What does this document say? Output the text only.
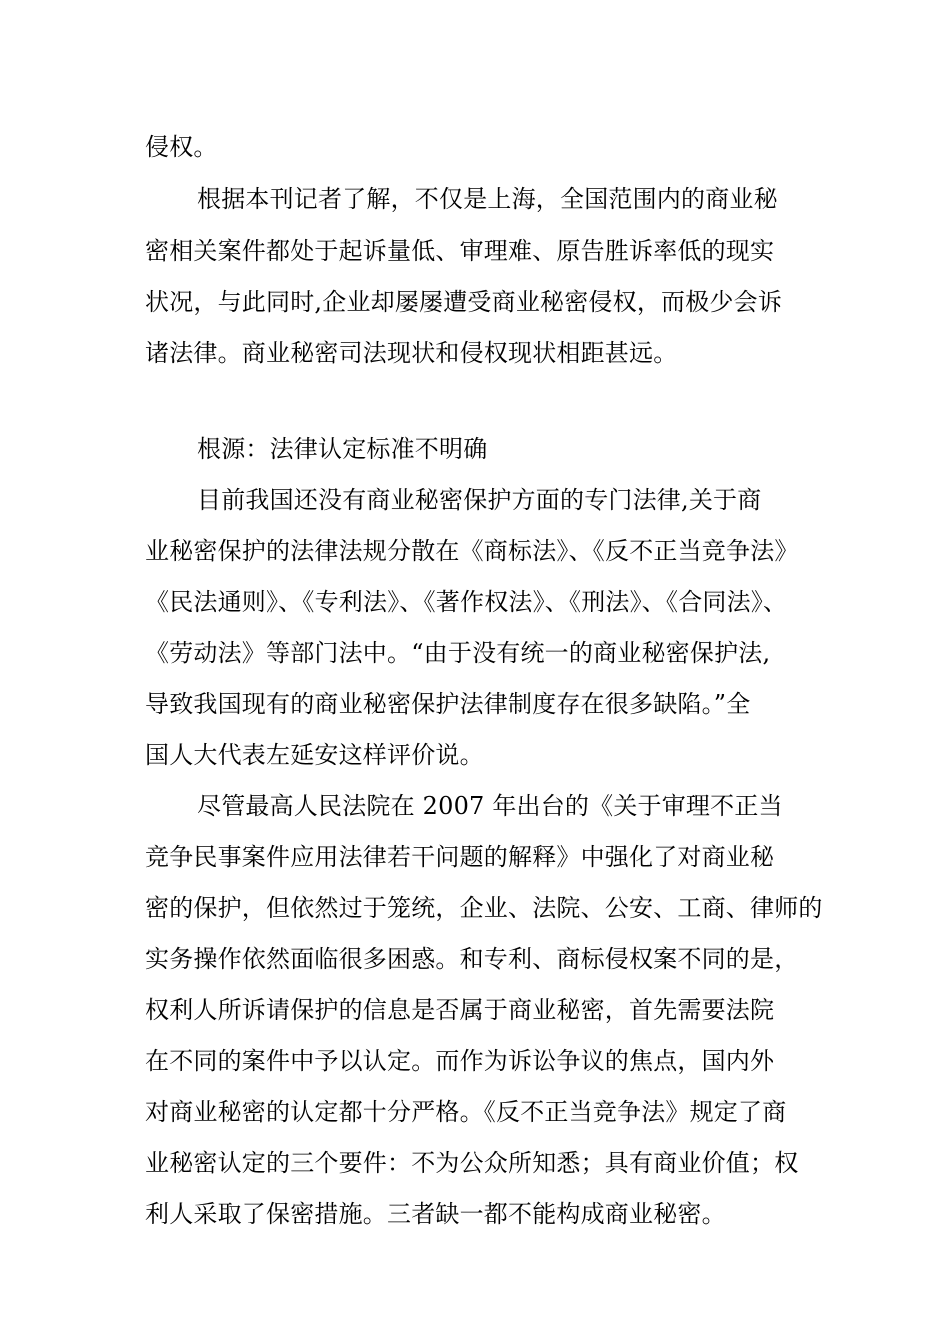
侵权。
根据本刊记者了解，不仅是上海，全国范围内的商业秘
密相关案件都处于起诉量低、审理难、原告胜诉率低的现实
状况，与此同时,企业却屡屡遭受商业秘密侵权，而极少会诉
诸法律。商业秘密司法现状和侵权现状相距甚远。
根源：法律认定标准不明确
目前我国还没有商业秘密保护方面的专门法律,关于商
业秘密保护的法律法规分散在《商标法》、《反不正当竞争法》
《民法通则》、《专利法》、《著作权法》、《刑法》、《合同法》、
《劳动法》等部门法中。“由于没有统一的商业秘密保护法,
导致我国现有的商业秘密保护法律制度存在很多缺陷。”全
国人大代表左延安这样评价说。
尽管最高人民法院在 2007 年出台的《关于审理不正当
竞争民事案件应用法律若干问题的解释》中强化了对商业秘
密的保护，但依然过于笼统，企业、法院、公安、工商、律师的
实务操作依然面临很多困惑。和专利、商标侵权案不同的是，
权利人所诉请保护的信息是否属于商业秘密，首先需要法院
在不同的案件中予以认定。而作为诉讼争议的焦点，国内外
对商业秘密的认定都十分严格。《反不正当竞争法》规定了商
业秘密认定的三个要件：不为公众所知悉；具有商业价值；权
利人采取了保密措施。三者缺一都不能构成商业秘密。
